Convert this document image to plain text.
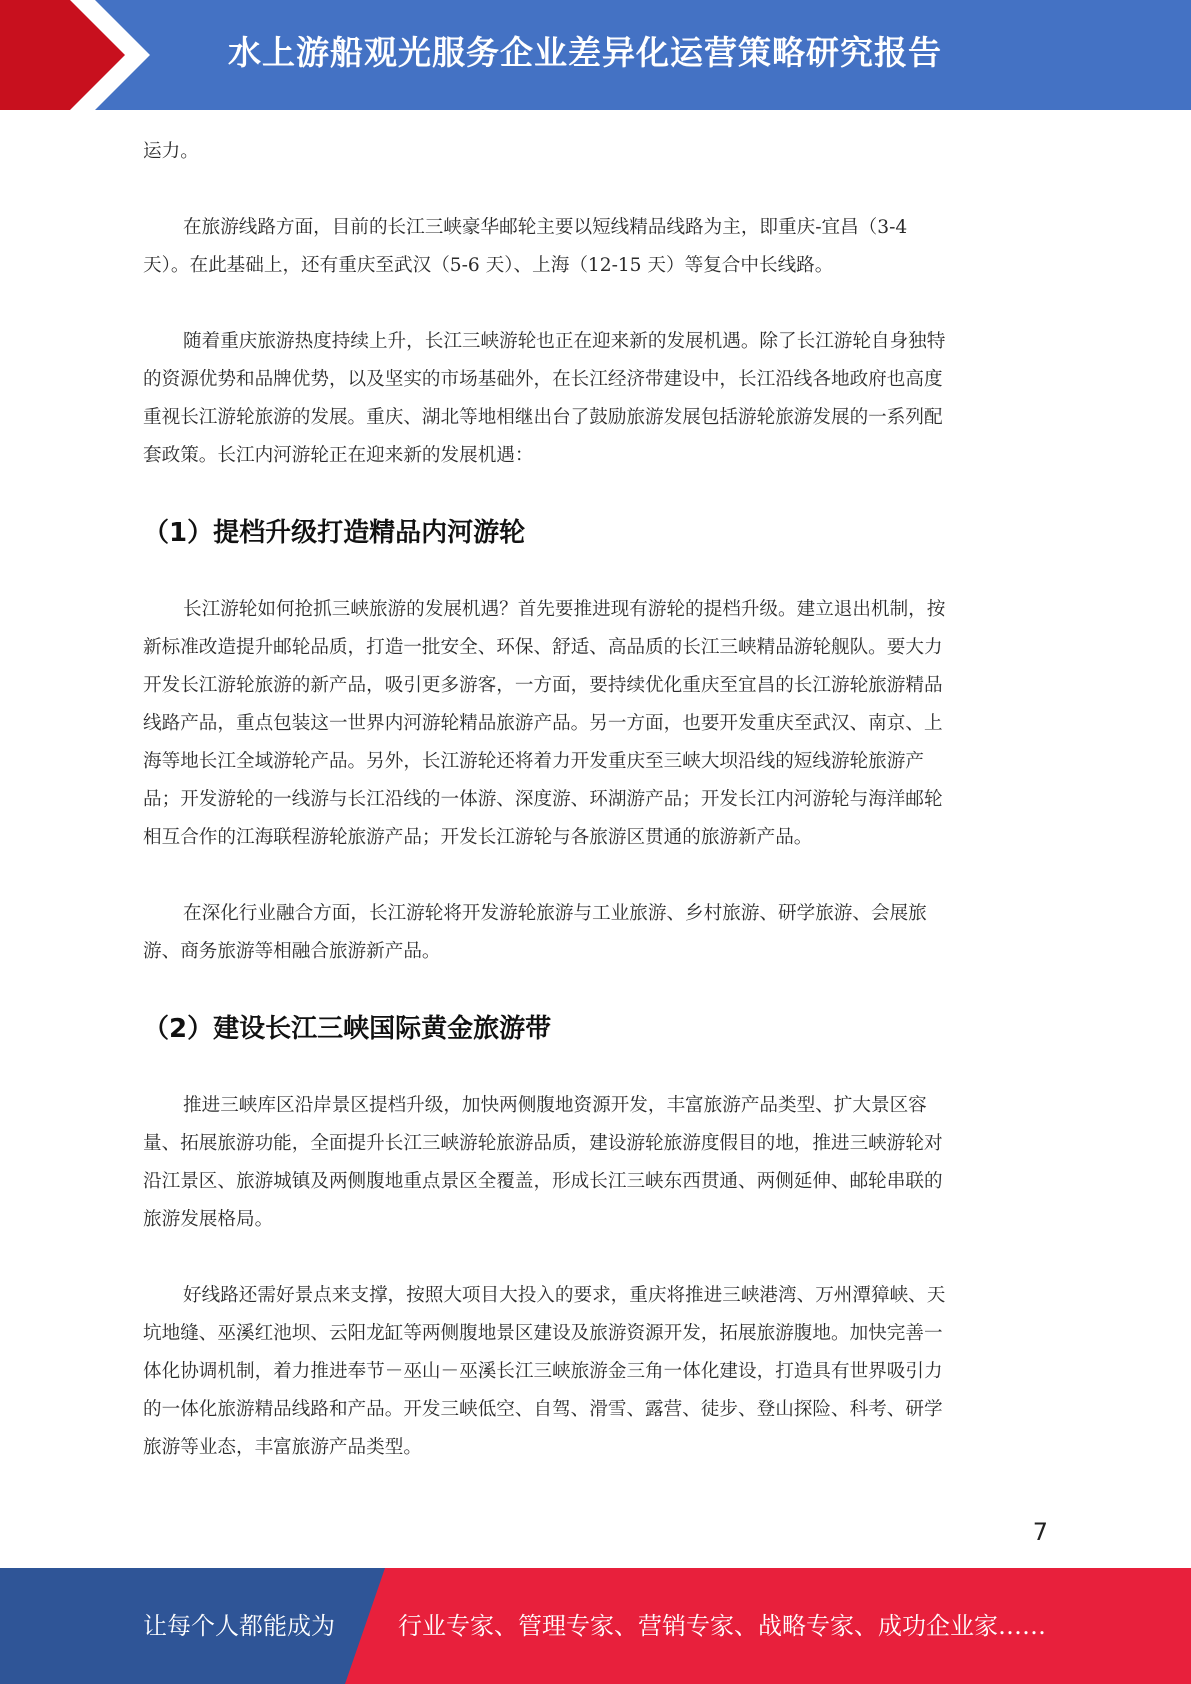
水上游船观光服务企业差异化运营策略研究报告

运力。

在旅游线路方面，目前的长江三峡豪华邮轮主要以短线精品线路为主，即重庆-宜昌（3-4
天）。在此基础上，还有重庆至武汉（5-6 天）、上海（12-15 天）等复合中长线路。

随着重庆旅游热度持续上升，长江三峡游轮也正在迎来新的发展机遇。除了长江游轮自身独特
的资源优势和品牌优势，以及坚实的市场基础外，在长江经济带建设中，长江沿线各地政府也高度
重视长江游轮旅游的发展。重庆、湖北等地相继出台了鼓励旅游发展包括游轮旅游发展的一系列配
套政策。长江内河游轮正在迎来新的发展机遇：

（1）提档升级打造精品内河游轮

长江游轮如何抢抓三峡旅游的发展机遇？首先要推进现有游轮的提档升级。建立退出机制，按
新标准改造提升邮轮品质，打造一批安全、环保、舒适、高品质的长江三峡精品游轮舰队。要大力
开发长江游轮旅游的新产品，吸引更多游客，一方面，要持续优化重庆至宜昌的长江游轮旅游精品
线路产品，重点包装这一世界内河游轮精品旅游产品。另一方面，也要开发重庆至武汉、南京、上
海等地长江全域游轮产品。另外，长江游轮还将着力开发重庆至三峡大坝沿线的短线游轮旅游产
品；开发游轮的一线游与长江沿线的一体游、深度游、环湖游产品；开发长江内河游轮与海洋邮轮
相互合作的江海联程游轮旅游产品；开发长江游轮与各旅游区贯通的旅游新产品。

在深化行业融合方面，长江游轮将开发游轮旅游与工业旅游、乡村旅游、研学旅游、会展旅
游、商务旅游等相融合旅游新产品。

（2）建设长江三峡国际黄金旅游带

推进三峡库区沿岸景区提档升级，加快两侧腹地资源开发，丰富旅游产品类型、扩大景区容
量、拓展旅游功能，全面提升长江三峡游轮旅游品质，建设游轮旅游度假目的地，推进三峡游轮对
沿江景区、旅游城镇及两侧腹地重点景区全覆盖，形成长江三峡东西贯通、两侧延伸、邮轮串联的
旅游发展格局。

好线路还需好景点来支撑，按照大项目大投入的要求，重庆将推进三峡港湾、万州潭獐峡、天
坑地缝、巫溪红池坝、云阳龙缸等两侧腹地景区建设及旅游资源开发，拓展旅游腹地。加快完善一
体化协调机制，着力推进奉节－巫山－巫溪长江三峡旅游金三角一体化建设，打造具有世界吸引力
的一体化旅游精品线路和产品。开发三峡低空、自驾、滑雪、露营、徒步、登山探险、科考、研学
旅游等业态，丰富旅游产品类型。

7
让每个人都能成为	行业专家、管理专家、营销专家、战略专家、成功企业家……
